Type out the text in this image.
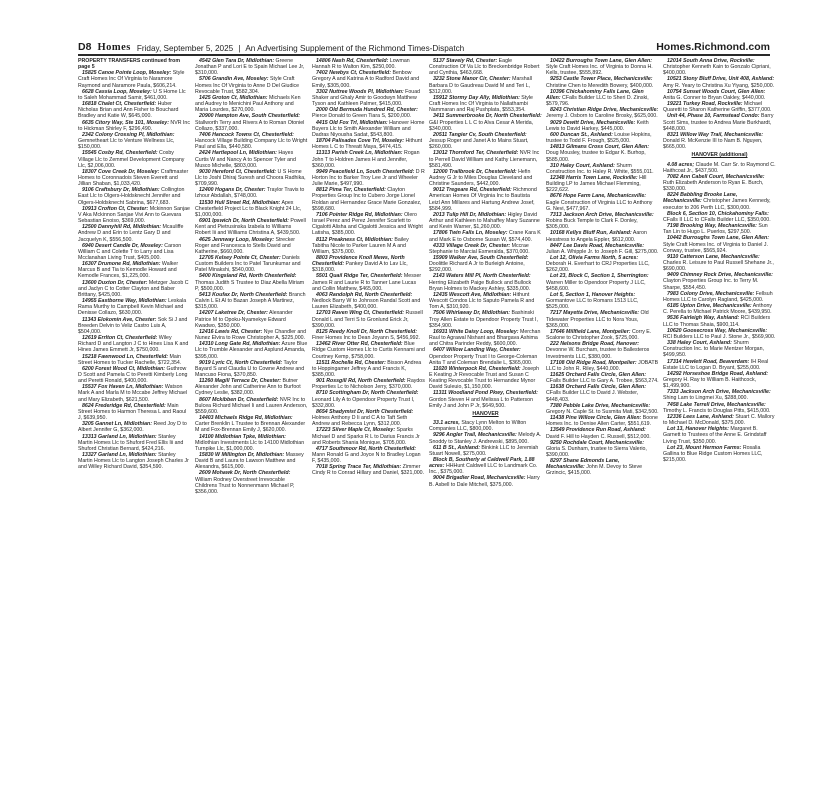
D8 Homes Friday, September 5, 2025 | An Advertising Supplement of the Richmond Times-Dispatch	Homes.Richmond.com
PROPERTY TRANSFERS continued from page 5

15825 Canoe Pointe Loop, Moseley: Style Craft Homes Inc Of Virginia to Naramore Raymond and Naramore Paula, $606,214.

6628 Cassia Loop, Moseley: U S Home Llc to Saleh Mohammad Samir, $461,000.

16818 Chalet Ct, Chesterfield: Huber Nicholas Brian and Ann Fisher to Bouchard Bradley and Katie W, $645,000.

6635 Citory Way, Ste 101, Moseley: NVR Inc to Hickman Shirley F, $296,490.

2342 Colony Crossing Pl, Midlothian: Gemnetheart Llc to Venture Wellness Llc, $150,000.

15545 Cosby Rd, Chesterfield: Cosby Village Llc to Zemmel Development Company Llc, $2,006,000.

18307 Cove Creek Dr, Moseley: Craftmaster Homes to Coronnadois Steven Everett and Jillian Shaban, $1,033,420.

9106 Craftsbury Dr, Midlothian: Collington East Llc to Olgers-Holdsknecht Jennifer and Olgers-Holdsknecht Sabrina, $677,683.

10913 Crofton Ct, Chester: Mckinnon Sanjae V Aka Mckinnon Sanjae Vivi Ann to Guevara Sebastian Enoiso, $369,000.

12500 Dannyhill Rd, Midlothian: Mcauliffe Andrew D and Erin to Lentz Gary D and Jacquelyn K, $556,500.

6940 Desert Candle Dr, Moseley: Carson William C and Colette T to Larry and Lisa Mcclanahan Living Trust, $405,000.

16307 Drumone Rd, Midlothian: Walker Marcus B and Tia to Kemodle Howard and Kemodle Frances, $1,225,000.

13600 Duxton Dr, Chester: Metzger Jacob C and Jaclyn C to Cotter Clayton and Baber Brittany, $425,000.

14955 Eastborne Way, Midlothian: Leskala Rama Murthy to Campbell Kevin Michael and Denisse Collazo, $630,000.

11343 Elokomin Ave, Chester: Sok Si J and Breeden Delvin to Veliz Castro Luis A, $504,000.

12619 Errlton Ct, Chesterfield: Wiley Richard D and Langton J C to Hines Lisa K and Hines James Emmett Jr, $750,000.

15218 Fawnwood Ln, Chesterfield: Main Street Homes to Tucker Rachelle, $722,354.

6200 Forest Wood Ct, Midlothian: Guthrow D Scott and Pamela C to Peretti Kimberly Long and Peretti Ronald, $400,000.

15537 Fox Haven Ln, Midlothian: Watson Mark A and Marla M to Mccabe Jeffrey Michael and Mary Elizabeth, $621,500.

8624 Frederidge Rd, Chesterfield: Main Street Homes to Harmon Theresa L and Raoul J, $639,950.

3205 Gannet Ln, Midlothian: Reed Joy D to Albert Jennifer G, $362,000.

13313 Garland Ln, Midlothian: Stanley Martin Homes Llc to Shuford Fred Ellis Iii and Shuford Christian Bernard, $424,216.

13327 Garland Ln, Midlothian: Stanley Martin Homes Llc to Langton Joseph Charles Jr and Willey Richard David, $354,590.

4542 Glen Tara Dr, Midlothian: Greene Jonathan P and Lori E to Spain Michael Lee Jr, $310,000.

5706 Grandin Ave, Moseley: Style Craft Homes Inc Of Virginia to Anne D Del Giudice Revocable Trust, $582,304.

1425 Groton Ct, Midlothian: Michaels Ken and Audrey to Menichini Paul Anthony and Maria Lourdes, $270,000.

20900 Hampton Ave, South Chesterfield: Stallworth Terry and Rivers A to Roman Otoniel Collazo, $337,000.

7406 Hancock Towns Ct, Chesterfield: Hancock Village Building Company Llc to Wright Paul and Ella, $440,580.

2424 Hartlepool Ln, Midlothian: Hayes Curtis W and Nancy A to Spencer Tyler and Musco Michelle, $803,000.

9030 Hereford Ct, Chesterfield: U S Home Llc to Joshi Dhiraj Suresh and Choora Radhika, $709,990.

12400 Hogans Dr, Chester: Traylor Travis to Izhour Abdallah, $748,000.

11530 Hull Street Rd, Midlothian: Apex Chesterfield Project Lc to Black Knight 24 Llc, $1,000,000.

6901 Ipswich Dr, North Chesterfield: Powell Kent and Pietrusinska Izabela to Williams Robert Iii and Williams Christina A, $439,500.

4625 Jennway Loop, Moseley: Strecker Roger and Francesca to Stells David and Katherine, $660,000.

12705 Kelsey Pointe Ct, Chester: Daniels Custom Builders Inc to Patel Tarunkumar and Patel Minakshi, $540,000.

5400 Kingsland Rd, North Chesterfield: Thomas Judith S Trustee to Diaz Abella Miriam P, $500,000.

5413 Koufax Dr, North Chesterfield: Branch Calvin L Et Al to Bazan Joseph A Martinez, $315,000.

14207 Laketree Dr, Chester: Alexander Patrice M to Opoku-Nyamekye Edward Kwadwo, $350,000.

12416 Lewis Rd, Chester: Nye Chandler and Nunez Elvira to Rowe Christopher A, $225,000.

14310 Long Gate Rd, Midlothian: Azure Blue Llc to Trumble Alexander and Asplund Amanda, $395,000.

9019 Lyric Ct, North Chesterfield: Taylor Bayard S and Claudia U to Cowne Andrew and Mancuso Fiona, $370,850.

11260 Magill Terrace Dr, Chester: Butner Alexander John and Catherine Ann to Burfoot Cydney Leslie, $382,000.

8607 Mckibben Dr, Chesterfield: NVR Inc to Bulcea Richard Michael Ii and Lauren Anderson, $559,600.

14403 Michaels Ridge Rd, Midlothian: Carter Brenklin L Trustee to Brennan Alexander M and Fox-Brennan Emily J, $620,000.

14100 Midlothian Tpke, Midlothian: Midlothian Investments Llc to 14100 Midlothian Turnpike Llc, $1,000,000.

15830 W Millington Dr, Midlothian: Massey David B and Laura to Lawson Matthew and Alexandra, $615,000.

2609 Mohawk Dr, North Chesterfield: William Rodney Overstreet Irrevocable Childrens Trust to Nonnenmann Michael P, $356,000.

14806 Nash Rd, Chesterfield: Lowman Hannah R to Walton Kim, $250,000.

7402 Newbys Ct, Chesterfield: Benbow Gregory A and Katrina A to Radford David and Emily, $305,000.

3302 Nuttree Woods Pl, Midlothian: Fouad Shaker and Ghaly Amir to Goodwyn Matthew Tyson and Kathleen Palmer, $415,000.

2000 Old Bermuda Hundred Rd, Chester: Pierce Donald to Green Tiara S, $200,000.

4415 Old Fox Trl, Midlothian: Hanover Home Buyers Llc to Smith Alexander William and Dadras Niyousha Sadat, $543,800.

18704 Palisades Cove Trl, Moseley: Hithunt Homes L C to Threatt Maya, $474,415.

11313 Parish Creek Ln, Midlothian: Rogan John T to Holdren James H and Jennifer, $360,000.

9949 Peacefield Ln, South Chesterfield: D R Horton Inc to Barker Troy Lee Jr and Wheeler Julie Marie, $497,990.

8812 Pima Ter, Chesterfield: Clayton Properties Group Inc to Cubero Jorge Lionel Roldan and Hernandez Grace Marie Gonzalez, $598,680.

7106 Pointer Ridge Rd, Midlothian: Olero Israel Perez and Perez Jennifer Scarlett to Cigalotti Alisha and Cigalotti Jessica and Wright Latisha, $385,000.

8112 Preakness Ct, Midlothian: Bailey Tabitha Nicole to Parker Lauren M A and William, $375,000.

8803 Providence Knoll Mews, North Chesterfield: Pankey David A to Lav Llc, $318,000.

5501 Quail Ridge Ter, Chesterfield: Messer James R and Laurie R to Tanner Lane Lucas and Collin Matthew, $465,000.

4063 Randolph Rd, North Chesterfield: Nedlock Barry W to Johnson Randal Scott and Lauren Elizabeth, $400,000.

12703 Raven Wing Ct, Chesterfield: Russell Donald L and Terri S to Gronlund Erick Jr, $390,000.

8125 Reedy Knoll Dr, North Chesterfield: Finer Homes Inc to Dean Joyann S, $456,992.

13462 River Otter Rd, Chesterfield: Blue Ridge Custom Homes Llc to Curtis Kennami and Courtney Kemp, $758,000.

11511 Rochelle Rd, Chester: Bisson Andrea to Hoppingamer Jeffrey A and Francis K, $385,000.

901 Rossgill Rd, North Chesterfield: Raydos Properties Lc to Nicholson Jerry, $370,000.

8710 Scottingham Dr, North Chesterfield: Leonard Lily A to Opendoor Property Trust I, $332,800.

8654 Shadymist Dr, North Chesterfield: Holmes Anthony D Ii and C A to Taft Seth Andrew and Rebecca Lynn, $312,000.

17223 Silver Maple Ct, Moseley: Sparks Michael D and Sparks R L to Darius Francis Jr and Roberts Shania Monique, $705,000.

4717 Southmoor Rd, North Chesterfield: Mann Ronald G and Joyce N to Bradley Logan F, $435,000.

7018 Spring Trace Ter, Midlothian: Zimmer Cindy R to Conrad Hillary and Daniel, $321,000.

5137 Staveiy Rd, Chester: Eagle Construction Of Va Llc to Breckenbridge Robert and Cynthia, $463,668.

3232 Stone Manor Cir, Chester: Marshall Barbara D to Gaudreau David M and Teri L, $312,000.

15912 Stormy Day Ally, Midlothian: Style Craft Homes Inc Of Virginia to Nallathambi Nammaran and Raj Pushplata, $553,354.

3411 Summerbrooke Dr, North Chesterfield: G&I Properties L L C to Alva Cesar A Merida, $340,000.

20511 Tangier Cv, South Chesterfield: Jessup Roger and Janet A to Mains Stuart, $260,000.

13012 Thornford Ter, Chesterfield: NVR Inc to Perrell David William and Kathy Lienemann, $581,490.

12000 Trailbrook Dr, Chesterfield: Hefin Audrey G Jr to Miles Douglas Cleveland and Christine Saunders, $442,000.

9012 Tregeare Rd, Chesterfield: Richmond American Homes Of Virginia Inc to Bautista Leizl Ann Millares and Hartung Andrew Josef, $584,999.

2013 Tulip Hill Dr, Midlothian: Higley David Arthur and Kathleen to Mahaffey Mary Suzanne and Kevin Warner, $1,260,000.

17806 Twin Falls Ln, Moseley: Crane Kara K and Mark E to Osborne Susan W, $574,400.

4333 Village Creek Dr, Chester: Mccrae Stephanie to Marcial Esmeralda, $370,000.

15909 Walker Ave, South Chesterfield: Doolittle Richard A Jr to Burleigh Antoine, $292,000.

2143 Waters Mill Pl, North Chesterfield: Herring Elizabeth Paige Bullock and Bullock Bryan Holmes to Mackey Ashley, $335,000.

12435 Wescott Ave, Midlothian: Hithunt Wescott Condos Llc to Saputo Pamela R and Tom A, $310,920.

7506 Whirlaway Dr, Midlothian: Bashinski Troy Allen Estate to Opendoor Property Trust I, $354,900.

16931 White Daisy Loop, Moseley: Merchan Raul to Agrawal Nishant and Bhargava Ashima and Chitra Parinder Reddy, $600,000.

6407 Willow Landing Way, Chester: Opendoor Property Trust I to George-Coleman Anita T and Coleman Brendalie L, $365,000.

11020 Winterpock Rd, Chesterfield: Joseph E Keating Jr Revocable Trust and Susan C Keating Revocable Trust to Hernandez Mynor David Suleuio, $1,150,000.

11311 Woodland Pond Pkwy, Chesterfield: Gordon Steven H and Melissa L to Patterson Emily J and John P Jr, $649,500.

HANOVER

33.1 acres, Stacy Lynn Melton to Wilton Companies LLC, $800,000.

9296 Angler Trail, Mechanicsville: Melody A. Snoddy to Stanley J. Andrewski, $895,000.

611 B St., Ashland: Binkink LLC to Jeremiah Stuart Nowell, $275,000.

Block B, Southerly at Caldwell Park, 1.88 acres: HHHunt Caldwell LLC to Landmark Co. Inc., $375,000.

9004 Brigadier Road, Mechanicsville: Harry B. Asbell to Dale Mitchell, $375,000.

10422 Burroughs Town Lane, Glen Allen: Style Craft Homes Inc. of Virginia to Donna H. Kells, trustee, $555,892.

9253 Castle Tower Place, Mechanicsville: Christine Chen to Meredith Bowery, $400,000.

10396 Chickahominy Falls Lane, Glen Allen: CFalls Builder LLC to Sheri D. Zinski, $579,796.

8243 Christian Ridge Drive, Mechanicsville: Jeremy J. Osborn to Caroline Brosky, $625,000.

9029 Dewitt Drive, Mechanicsville: Keith Lewis to David Harkey, $445,000.

600 Duncan St., Ashland: Louise Hopkins, trustee to Todd F. Frough, $525,000.

14813 Gilmans Cross Court, Glen Allen: Doug Mousley, trustee to Edgar K. Burhop, $585,000.

310 Haley Court, Ashland: Shurm Construction Inc. to Haley R. White, $555,011.

12348 Harris Town Lane, Rockville: Hill Building LP to James Michael Flemming, $222,622.

8676 Hope Farm Lane, Mechanicsville: Eagle Construction of Virginia LLC to Anthony G. Nevi, $477,967.

7313 Jackson Arch Drive, Mechanicsville: Robins Buck Temple to Clark F. Donley, $305,000.

10168 Kellys Bluff Run, Ashland: Aaron Hesstress to Angela Eppler, $612,000.

8447 Lee Davis Road, Mechanicsville: Julian A. Whipple Jr. to Joseph F. Gill, $275,000.

Lot 12, Olivia Farms North, 5 acres: Deborah H. Everhart to CRJ Properties LLC, $262,000.

Lot 23, Block C, Section 1, Sherrington: Warren Miller to Opendoor Property J LLC, $458,600.

Lot 5, Section 1, Hanover Heights: Gormantove LLC to Romans 1513 LLC, $525,000.

7217 Mayetta Drive, Mechanicsville: Old Tidewater Properties LLC to Nora Yous, $365,000.

17646 Millfield Lane, Montpelier: Corry E. Scalone to Christopher Zook, $725,000.

222 Nelsons Bridge Road, Hanover: Devonne W. Burcham, trustee to Ballesteros Investments LLC, $380,000.

17108 Old Ridge Road, Montpelier: JOBATB LLC to John R. Riley, $440,000.

11625 Orchard Falls Circle, Glen Allen: CFalls Builder LLC to Gary A. Trobee, $563,274.

11638 Orchard Falls Circle, Glen Allen: CFalls Builder LLC to David J. Webster, $448,403.

7380 Pebble Lake Drive, Mechanicsville: Gregory N. Caple St. to Susmita Mati, $342,500.

11438 Pine Willow Circle, Glen Allen: Boone Homes Inc. to Denise Allen Carter, $551,619.

13549 Providence Run Road, Ashland: David F. Hill to Hayden C. Russell, $512,000.

9250 Rochdale Court, Mechanicsville: Gloria S. Dunham, trustee to Sierra Valerio, $390,000.

8297 Shane Edmonds Lane, Mechanicsville: John M. Devoy to Steve Grzincic, $415,000.

12014 South Anna Drive, Rockville: Christopher Kenneth Kain to Gonzalo Cipriani, $400,000.

10521 Stony Bluff Drive, Unit 408, Ashland: Amy R. Yeary to Christina Xu Yiyang, $250,000.

10754 Sunset Woods Court, Glen Allen: Anita G. Conner to Bryan Oakley, $440,000.

19221 Turkey Road, Rockville: Michael Quaretti to Sharon Katherine Griffin, $377,000.

Unit 44, Phase 10, Farmstead Condo: Barry Scott Sims, trustee to Andrea Marie Burkhardt, $448,000.

8321 Willow Way Trail, Mechanicsville: Donald R. McKenzie III to Nam B. Nguyen, $665,000.

HANOVER (additional)

4.08 acres; Claude M. Carr Sr. to Raymond C. Haithcoat Jr., $437,500.

7082 Ann Cabell Court, Mechanicsville: Ruth Elizabeth Anderson to Ryan E. Burch, $330,000.

8224 Babbling Brooke Lane, Mechanicsville: Christopher James Kennedy, executor to 206 Perth LLC, $300,000.

Block 6, Section 10, Chickahominy Falls: CFalls II LLC to CFalls Builder LLC, $350,000.

7198 Brooking Way, Mechanicsville: Sun Tan Lin to Hugo L. Puerlos, $297,500.

10442 Burroughs Town Lane, Glen Allen: Style Craft Homes Inc. of Virginia to Daniel J. Conway, trustee, $565,924.

9110 Catterson Lane, Mechanicsville: Charles R. Leisure to Paul Russell Shehane Jr., $690,000.

9409 Chimney Rock Drive, Mechanicsville: Clayton Properties Group Inc. to Terry M. Sharpe, $554,450.

7983 Colony Drive, Mechanicsville: Fellsuh Homes LLC to Carolyn Ragland, $425,000.

6185 Upton Drive, Mechanicsville: Anthony C. Perella to Michael Patrick Moore, $439,950.

9536 Fairleigh Way, Ashland: RCI Builders LLC to Thomas Shaia, $900,114.

10620 Goosecross Way, Mechanicsville: RCI Builders LLC to Paul J. Stone Jr., $569,900.

338 Haley Court, Ashland: Shurm Construction Inc. to Marie Mentzer Morgan, $499,950.

17314 Hewlett Road, Beaverdam: IH Real Estate LLC to Logan D. Bryant, $255,000.

14292 Horseshoe Bridge Road, Ashland: Gregory H. Ray to William B. Haithcock, $1,499,900.

7333 Jackson Arch Drive, Mechanicsville: Shing Lam to Lingmei Xu, $288,000.

7458 Lake Terrell Drive, Mechanicsville: Timothy L. Francis to Douglas Pitts, $415,000.

12336 Lees Lane, Ashland: Stuart C. Mallory to Michael D. McDonald, $375,000.

Lot 13, Hanover Heights: Margaret B. Garnett to Trustees of the Anne E. Grindstaff Living Trust, $350,000.

Lot 23, Mount Hermon Farms: Rosalia Gallina to Blue Ridge Custom Homes LLC, $215,000.
